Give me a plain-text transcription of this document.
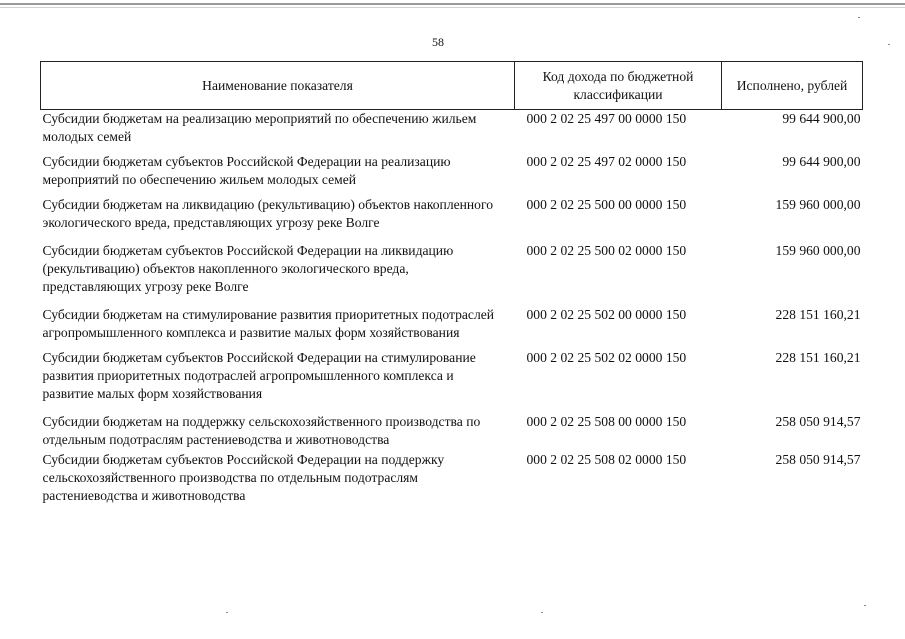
58
Наименование показателя	Код дохода по бюджетной классификации	Исполнено, рублей
Субсидии бюджетам на реализацию мероприятий по обеспечению жильем молодых семей	000 2 02 25 497 00 0000 150	99 644 900,00
Субсидии бюджетам субъектов Российской Федерации на реализацию мероприятий по обеспечению жильем молодых семей	000 2 02 25 497 02 0000 150	99 644 900,00
Субсидии бюджетам на ликвидацию (рекультивацию) объектов накопленного экологического вреда, представляющих угрозу реке Волге	000 2 02 25 500 00 0000 150	159 960 000,00
Субсидии бюджетам субъектов Российской Федерации на ликвидацию (рекультивацию) объектов накопленного экологического вреда, представляющих угрозу реке Волге	000 2 02 25 500 02 0000 150	159 960 000,00
Субсидии бюджетам на стимулирование развития приоритетных подотраслей агропромышленного комплекса и развитие малых форм хозяйствования	000 2 02 25 502 00 0000 150	228 151 160,21
Субсидии бюджетам субъектов Российской Федерации на стимулирование развития приоритетных подотраслей агропромышленного комплекса и развитие малых форм хозяйствования	000 2 02 25 502 02 0000 150	228 151 160,21
Субсидии бюджетам на поддержку сельскохозяйственного производства по отдельным подотраслям растениеводства и животноводства	000 2 02 25 508 00 0000 150	258 050 914,57
Субсидии бюджетам субъектов Российской Федерации на поддержку сельскохозяйственного производства по отдельным подотраслям растениеводства и животноводства	000 2 02 25 508 02 0000 150	258 050 914,57
